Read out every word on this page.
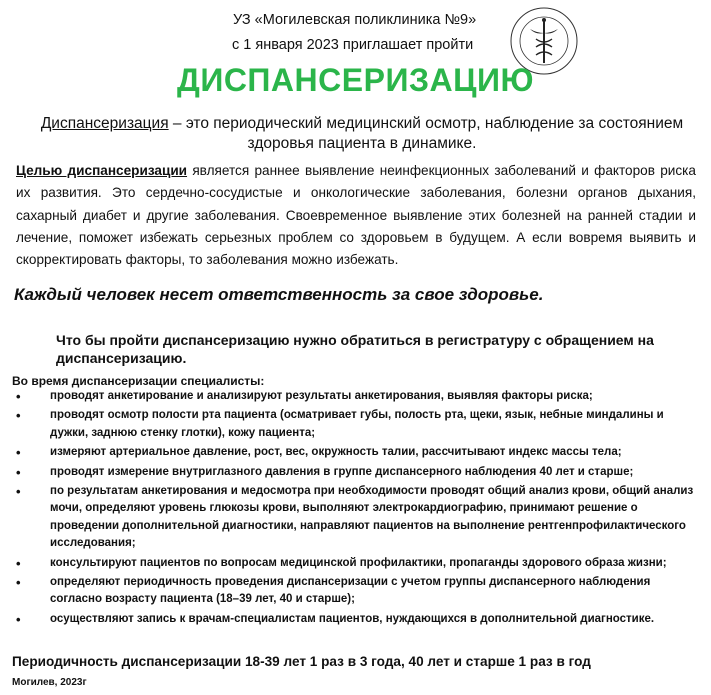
УЗ «Могилевская поликлиника №9»
с 1 января 2023 приглашает пройти
ДИСПАНСЕРИЗАЦИЮ
Диспансеризация – это периодический медицинский осмотр, наблюдение за состоянием здоровья пациента в динамике.
Целью диспансеризации является раннее выявление неинфекционных заболеваний и факторов риска их развития. Это сердечно-сосудистые и онкологические заболевания, болезни органов дыхания, сахарный диабет и другие заболевания. Своевременное выявление этих болезней на ранней стадии и лечение, поможет избежать серьезных проблем со здоровьем в будущем. А если вовремя выявить и скорректировать факторы, то заболевания можно избежать.
Каждый человек несет ответственность за свое здоровье.
Что бы пройти диспансеризацию нужно обратиться в регистратуру с обращением на диспансеризацию.
Во время диспансеризации специалисты:
• проводят анкетирование и анализируют результаты анкетирования, выявляя факторы риска;
• проводят осмотр полости рта пациента (осматривает губы, полость рта, щеки, язык, небные миндалины и дужки, заднюю стенку глотки), кожу пациента;
• измеряют артериальное давление, рост, вес, окружность талии, рассчитывают индекс массы тела;
• проводят измерение внутриглазного давления в группе диспансерного наблюдения 40 лет и старше;
• по результатам анкетирования и медосмотра при необходимости проводят общий анализ крови, общий анализ мочи, определяют уровень глюкозы крови, выполняют электрокардиографию, принимают решение о проведении дополнительной диагностики, направляют пациентов на выполнение рентгенпрофилактического исследования;
• консультируют пациентов по вопросам медицинской профилактики, пропаганды здорового образа жизни;
• определяют периодичность проведения диспансеризации с учетом группы диспансерного наблюдения согласно возрасту пациента (18–39 лет, 40 и старше);
• осуществляют запись к врачам-специалистам пациентов, нуждающихся в дополнительной диагностике.
Периодичность диспансеризации 18-39 лет 1 раз в 3 года, 40 лет и старше 1 раз в год
Могилев, 2023г
